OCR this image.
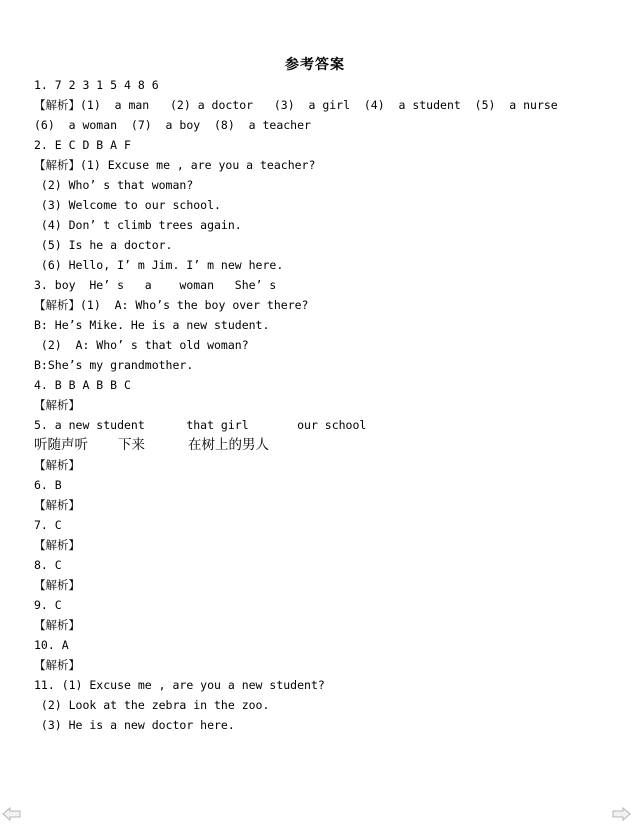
参考答案
1. 7 2 3 1 5 4 8 6
【解析】(1)  a man   (2) a doctor   (3)  a girl  (4)  a student  (5)  a nurse
(6)  a woman  (7)  a boy  (8)  a teacher
2. E C D B A F
【解析】(1) Excuse me , are you a teacher?
(2) Who’ s that woman?
(3) Welcome to our school.
(4) Don’ t climb trees again.
(5) Is he a doctor.
(6) Hello, I’ m Jim. I’ m new here.
3. boy  He’ s   a    woman   She’ s
【解析】(1)  A: Who’s the boy over there?
B: He’s Mike. He is a new student.
(2)  A: Who’ s that old woman?
B:She’s my grandmother.
4. B B A B B C
【解析】
5. a new student      that girl       our school
听随声听       下来          在树上的男人
【解析】
6. B
【解析】
7. C
【解析】
8. C
【解析】
9. C
【解析】
10. A
【解析】
11. (1) Excuse me , are you a new student?
(2) Look at the zebra in the zoo.
(3) He is a new doctor here.
